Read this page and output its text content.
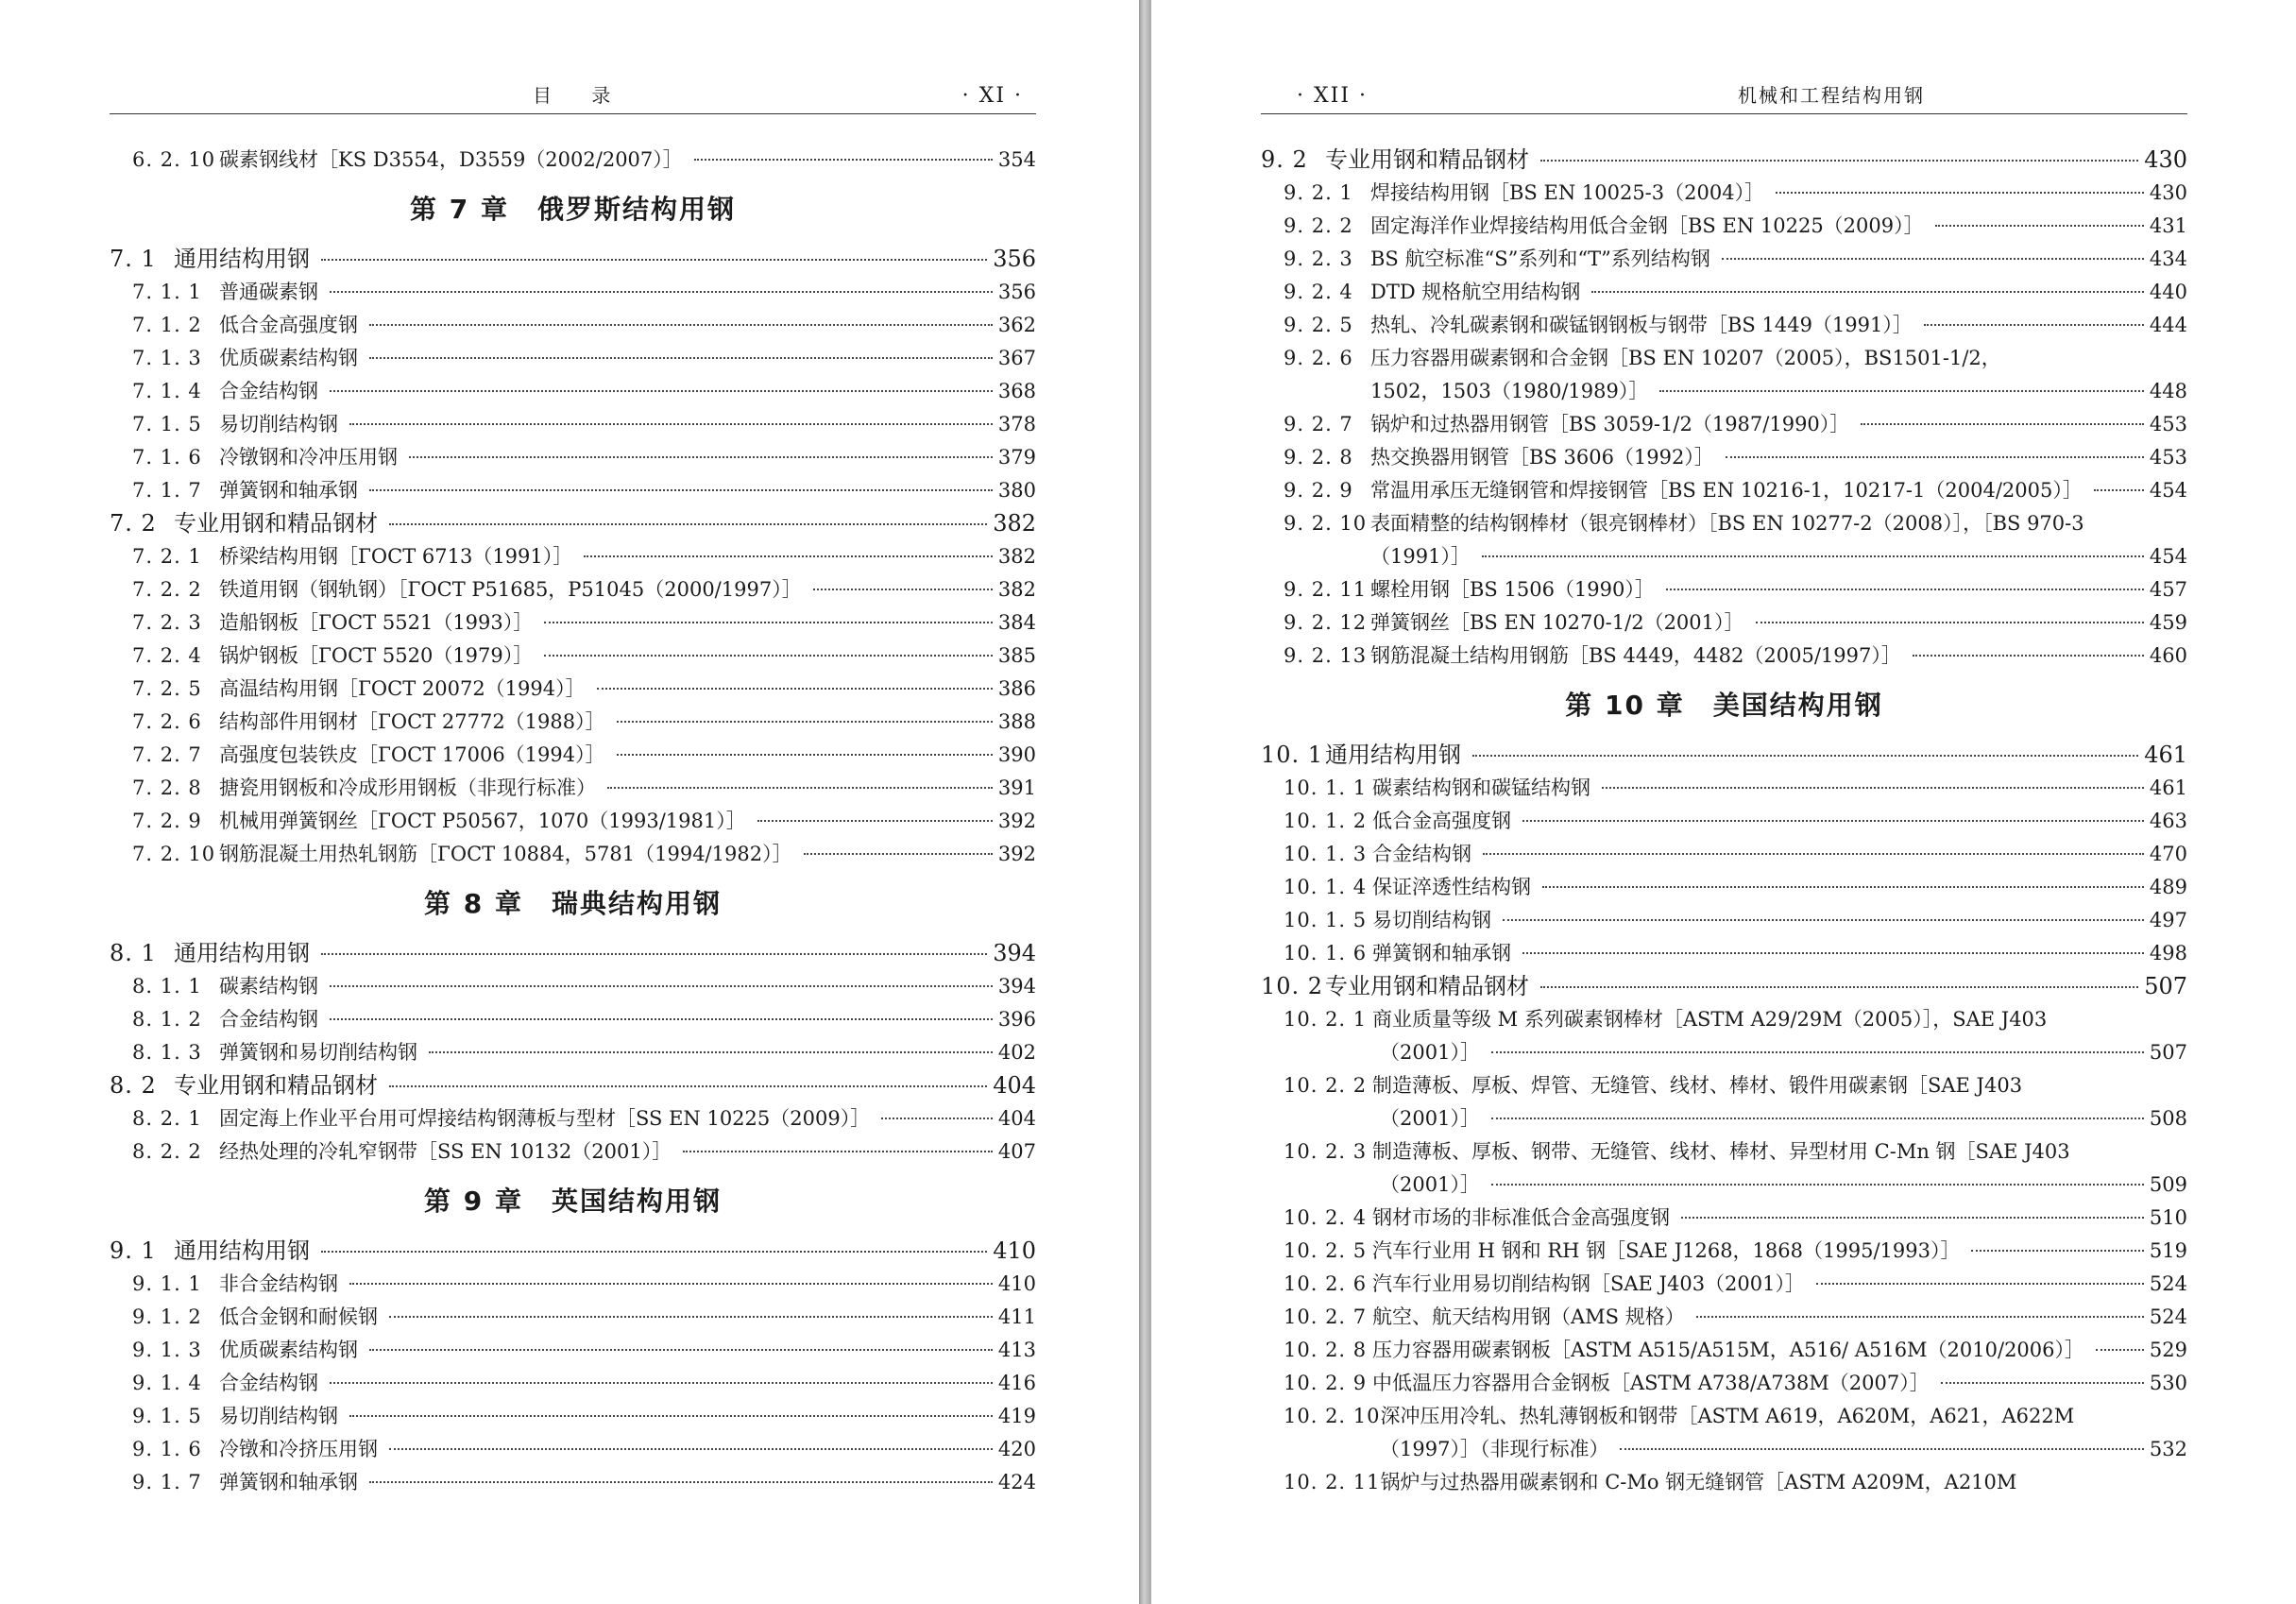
目 录	· XI ·
6. 2. 10 碳素钢线材［KS D3554，D3559（2002/2007）］	354
第 7 章　俄罗斯结构用钢
7. 1 通用结构用钢	356
7. 1. 1 普通碳素钢	356
7. 1. 2 低合金高强度钢	362
7. 1. 3 优质碳素结构钢	367
7. 1. 4 合金结构钢	368
7. 1. 5 易切削结构钢	378
7. 1. 6 冷镦钢和冷冲压用钢	379
7. 1. 7 弹簧钢和轴承钢	380
7. 2 专业用钢和精品钢材	382
7. 2. 1 桥梁结构用钢［ГОСТ 6713（1991）］	382
7. 2. 2 铁道用钢（钢轨钢）［ГОСТ Р51685，Р51045（2000/1997）］	382
7. 2. 3 造船钢板［ГОСТ 5521（1993）］	384
7. 2. 4 锅炉钢板［ГОСТ 5520（1979）］	385
7. 2. 5 高温结构用钢［ГОСТ 20072（1994）］	386
7. 2. 6 结构部件用钢材［ГОСТ 27772（1988）］	388
7. 2. 7 高强度包装铁皮［ГОСТ 17006（1994）］	390
7. 2. 8 搪瓷用钢板和冷成形用钢板（非现行标准）	391
7. 2. 9 机械用弹簧钢丝［ГОСТ Р50567，1070（1993/1981）］	392
7. 2. 10 钢筋混凝土用热轧钢筋［ГОСТ 10884，5781（1994/1982）］	392
第 8 章　瑞典结构用钢
8. 1 通用结构用钢	394
8. 1. 1 碳素结构钢	394
8. 1. 2 合金结构钢	396
8. 1. 3 弹簧钢和易切削结构钢	402
8. 2 专业用钢和精品钢材	404
8. 2. 1 固定海上作业平台用可焊接结构钢薄板与型材［SS EN 10225（2009）］	404
8. 2. 2 经热处理的冷轧窄钢带［SS EN 10132（2001）］	407
第 9 章　英国结构用钢
9. 1 通用结构用钢	410
9. 1. 1 非合金结构钢	410
9. 1. 2 低合金钢和耐候钢	411
9. 1. 3 优质碳素结构钢	413
9. 1. 4 合金结构钢	416
9. 1. 5 易切削结构钢	419
9. 1. 6 冷镦和冷挤压用钢	420
9. 1. 7 弹簧钢和轴承钢	424
· XII ·	机械和工程结构用钢
9. 2 专业用钢和精品钢材	430
9. 2. 1 焊接结构用钢［BS EN 10025-3（2004）］	430
9. 2. 2 固定海洋作业焊接结构用低合金钢［BS EN 10225（2009）］	431
9. 2. 3 BS 航空标准“S”系列和“T”系列结构钢	434
9. 2. 4 DTD 规格航空用结构钢	440
9. 2. 5 热轧、冷轧碳素钢和碳锰钢钢板与钢带［BS 1449（1991）］	444
9. 2. 6 压力容器用碳素钢和合金钢［BS EN 10207（2005），BS1501-1/2，
1502，1503（1980/1989）］	448
9. 2. 7 锅炉和过热器用钢管［BS 3059-1/2（1987/1990）］	453
9. 2. 8 热交换器用钢管［BS 3606（1992）］	453
9. 2. 9 常温用承压无缝钢管和焊接钢管［BS EN 10216-1，10217-1（2004/2005）］	454
9. 2. 10 表面精整的结构钢棒材（银亮钢棒材）［BS EN 10277-2（2008）］，［BS 970-3
（1991）］	454
9. 2. 11 螺栓用钢［BS 1506（1990）］	457
9. 2. 12 弹簧钢丝［BS EN 10270-1/2（2001）］	459
9. 2. 13 钢筋混凝土结构用钢筋［BS 4449，4482（2005/1997）］	460
第 10 章　美国结构用钢
10. 1 通用结构用钢	461
10. 1. 1 碳素结构钢和碳锰结构钢	461
10. 1. 2 低合金高强度钢	463
10. 1. 3 合金结构钢	470
10. 1. 4 保证淬透性结构钢	489
10. 1. 5 易切削结构钢	497
10. 1. 6 弹簧钢和轴承钢	498
10. 2 专业用钢和精品钢材	507
10. 2. 1 商业质量等级 M 系列碳素钢棒材［ASTM A29/29M（2005）］，SAE J403
（2001）］	507
10. 2. 2 制造薄板、厚板、焊管、无缝管、线材、棒材、锻件用碳素钢［SAE J403
（2001）］	508
10. 2. 3 制造薄板、厚板、钢带、无缝管、线材、棒材、异型材用 C-Mn 钢［SAE J403
（2001）］	509
10. 2. 4 钢材市场的非标准低合金高强度钢	510
10. 2. 5 汽车行业用 H 钢和 RH 钢［SAE J1268，1868（1995/1993）］	519
10. 2. 6 汽车行业用易切削结构钢［SAE J403（2001）］	524
10. 2. 7 航空、航天结构用钢（AMS 规格）	524
10. 2. 8 压力容器用碳素钢板［ASTM A515/A515M，A516/ A516M（2010/2006）］	529
10. 2. 9 中低温压力容器用合金钢板［ASTM A738/A738M（2007）］	530
10. 2. 10 深冲压用冷轧、热轧薄钢板和钢带［ASTM A619，A620M，A621，A622M
（1997）］（非现行标准）	532
10. 2. 11 锅炉与过热器用碳素钢和 C-Mo 钢无缝钢管［ASTM A209M，A210M
